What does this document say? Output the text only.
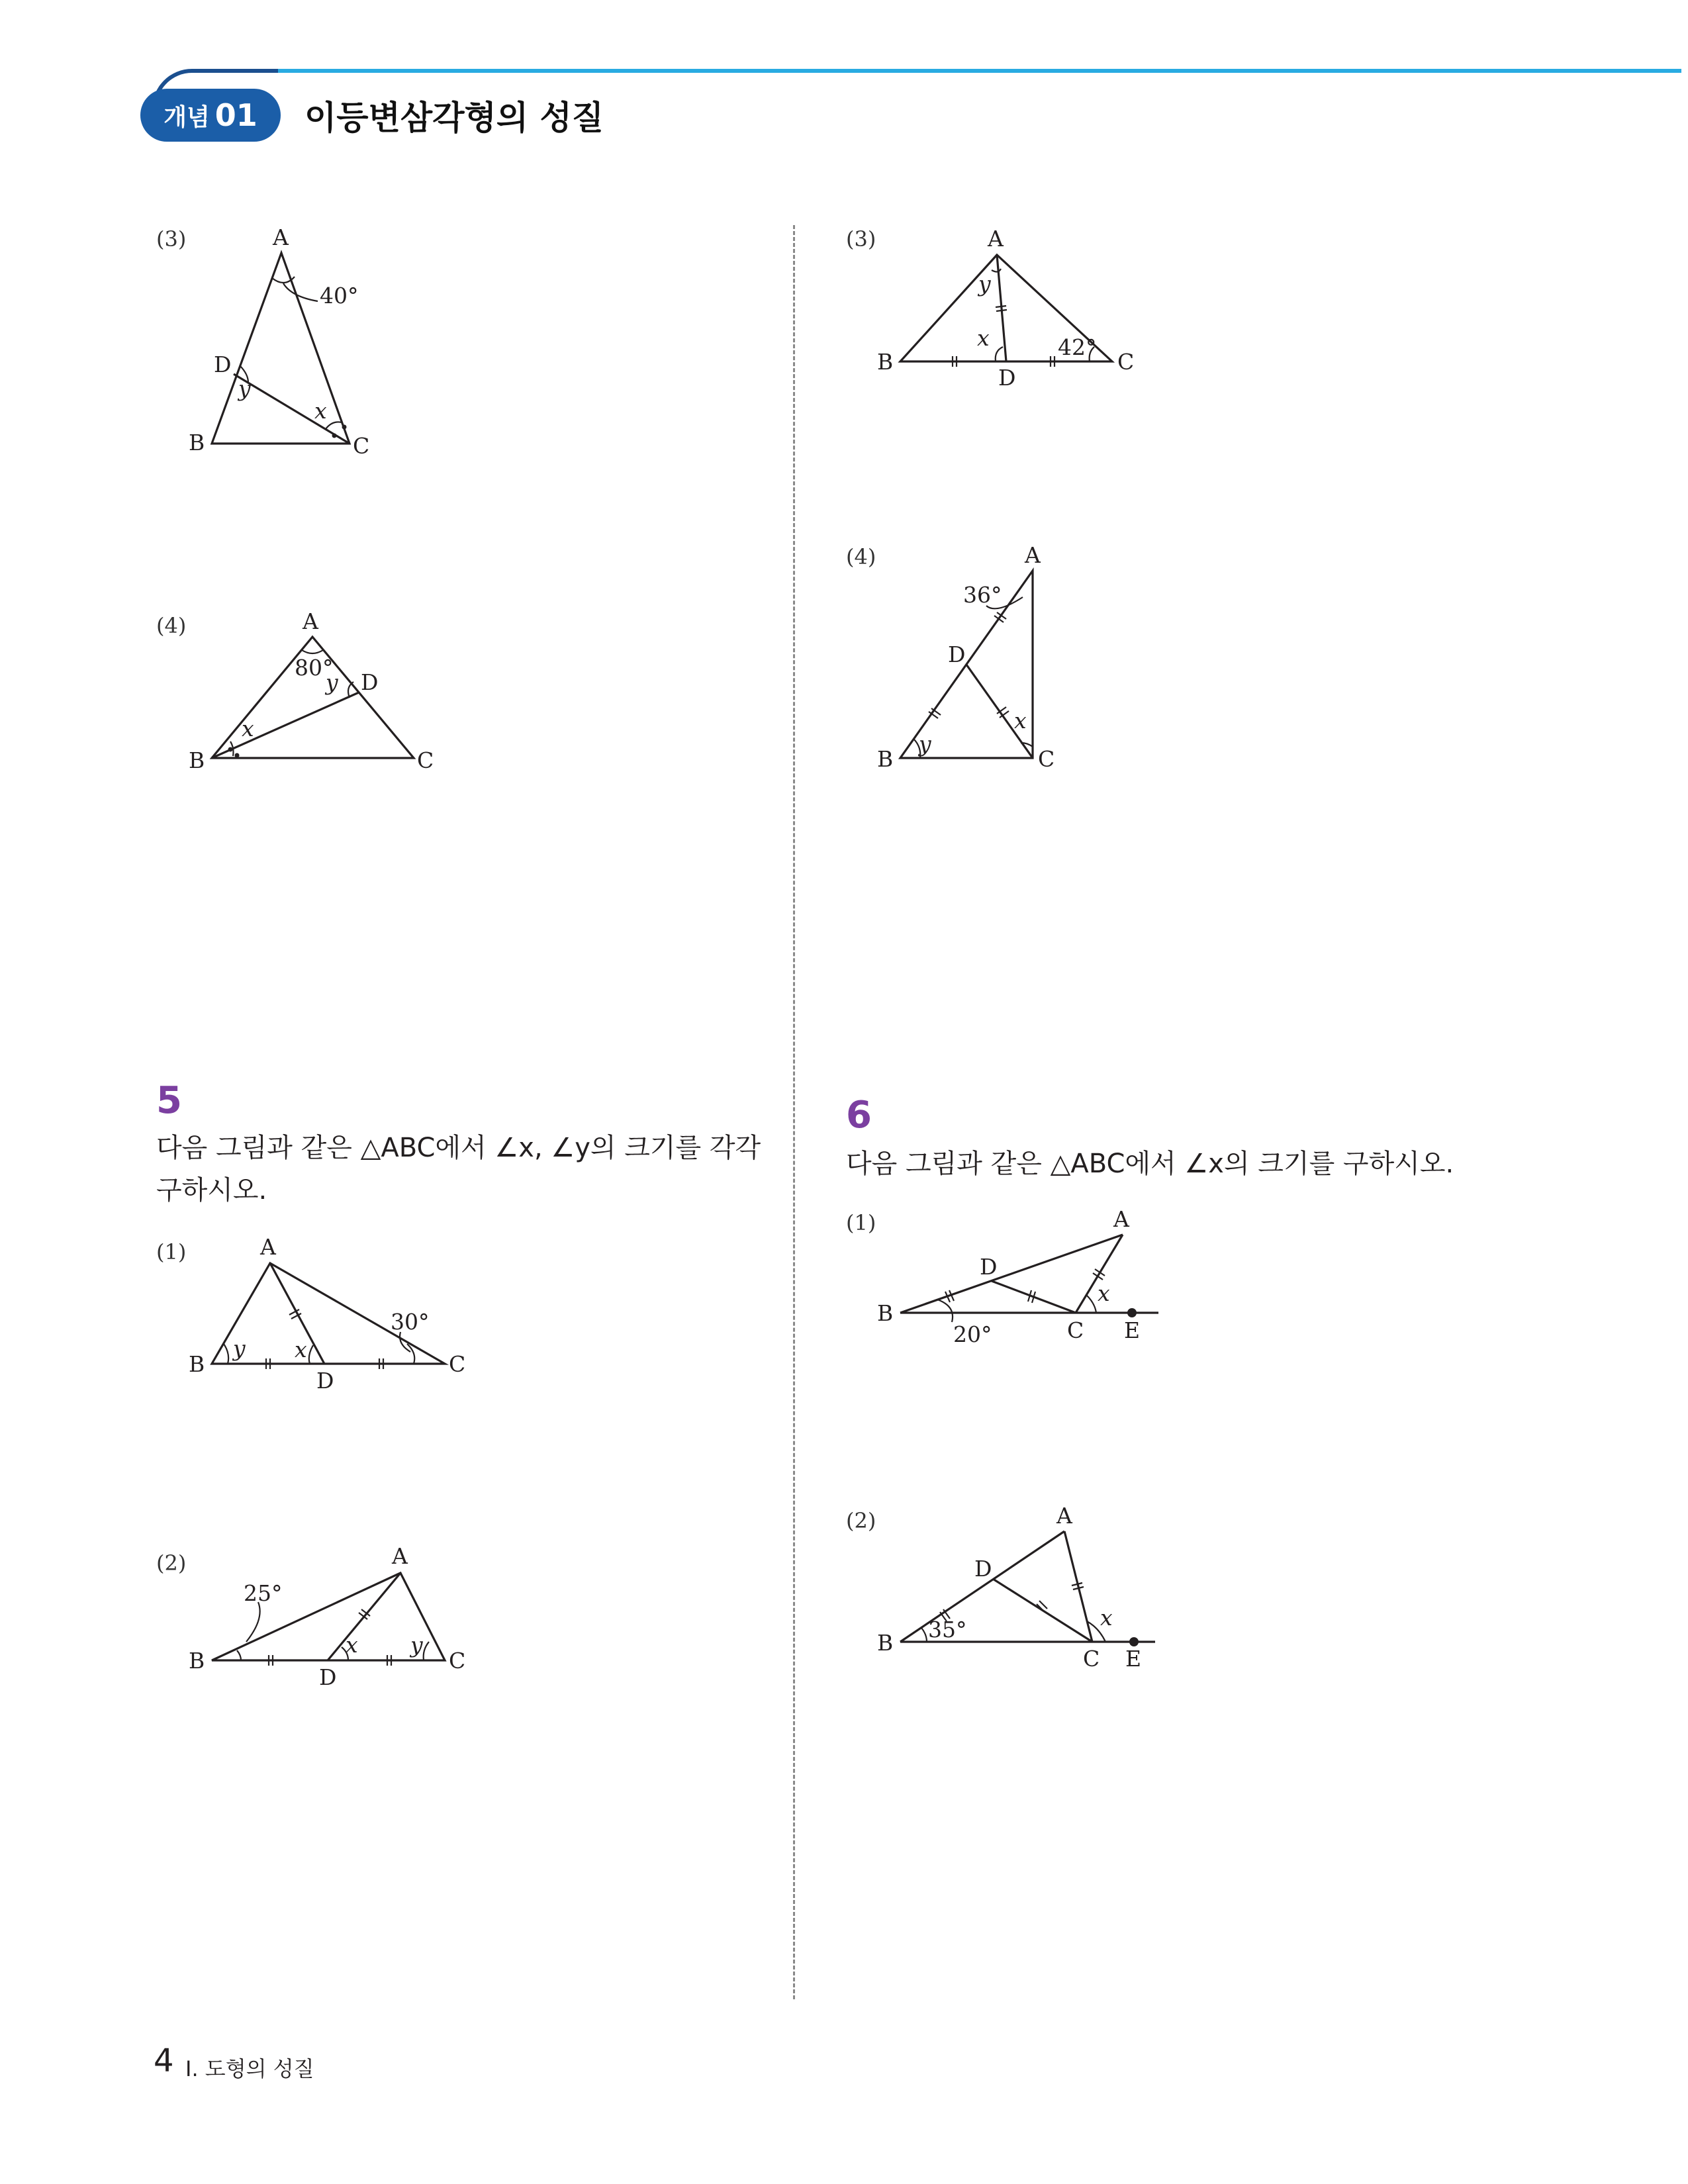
개념 01 이등변삼각형의 성질
(3)	A
B	C
D
40°
x
y
(4)	A
B	C
D
80°
x
y
5
다음 그림과 같은 △ABC에서 ∠x, ∠y의 크기를 각각
구하시오.
(1)	A
B	C
D
30°
x
y
(2)	A
B	C
D
25°
x y
(3)	A
B	C
D
42°
x
y
(4)	A
B	C
D
36°
x
y
6
다음 그림과 같은 △ABC에서 ∠x의 크기를 구하시오.
(1)	A
B
C
D
E
20°
x
(2)	A
B
C
D
E
35°	x
4 I. 도형의 성질
